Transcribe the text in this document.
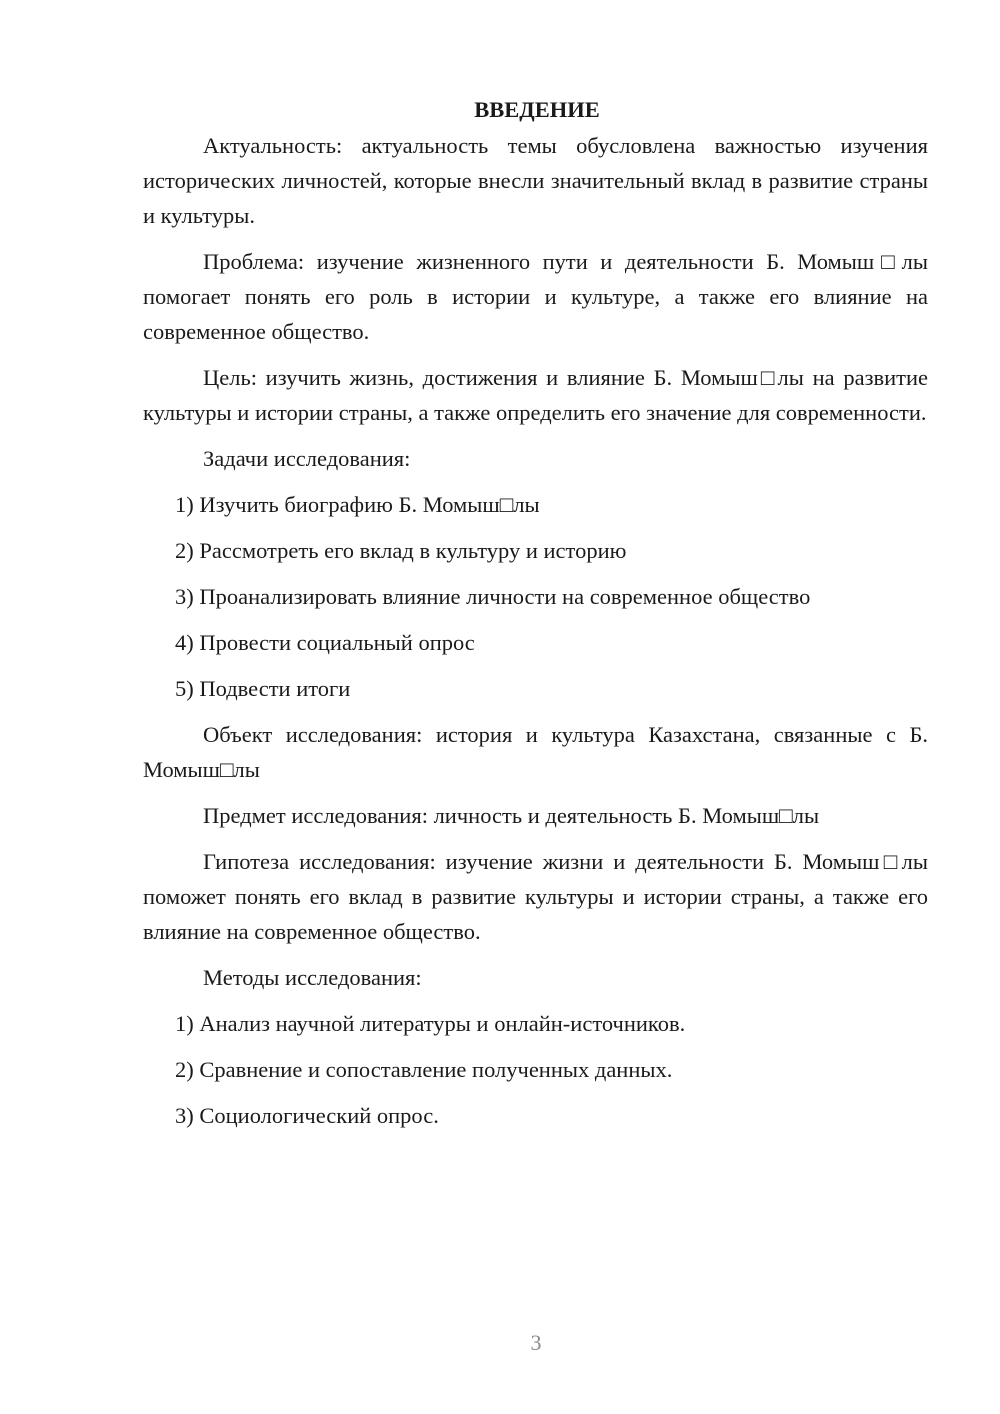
ВВЕДЕНИЕ

Актуальность: актуальность темы обусловлена важностью изучения исторических личностей, которые внесли значительный вклад в развитие страны и культуры.

Проблема: изучение жизненного пути и деятельности Б. Момыш□лы помогает понять его роль в истории и культуре, а также его влияние на современное общество.

Цель: изучить жизнь, достижения и влияние Б. Момыш□лы на развитие культуры и истории страны, а также определить его значение для современности.

Задачи исследования:

1) Изучить биографию Б. Момыш□лы
2) Рассмотреть его вклад в культуру и историю
3) Проанализировать влияние личности на современное общество
4) Провести социальный опрос
5) Подвести итоги

Объект исследования: история и культура Казахстана, связанные с Б. Момыш□лы

Предмет исследования: личность и деятельность Б. Момыш□лы

Гипотеза исследования: изучение жизни и деятельности Б. Момыш□лы поможет понять его вклад в развитие культуры и истории страны, а также его влияние на современное общество.

Методы исследования:

1) Анализ научной литературы и онлайн-источников.
2) Сравнение и сопоставление полученных данных.
3) Социологический опрос.
3
